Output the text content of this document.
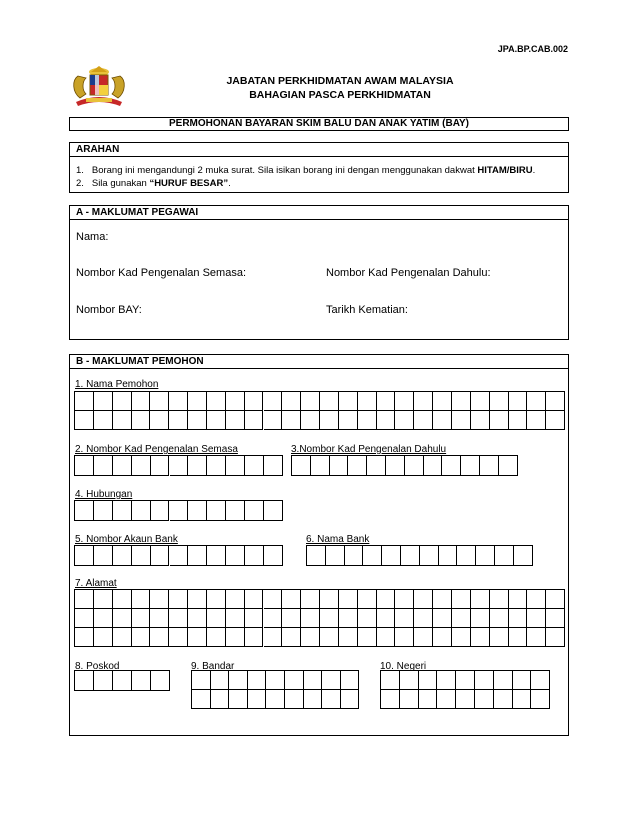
JPA.BP.CAB.002
JABATAN PERKHIDMATAN AWAM MALAYSIA
BAHAGIAN PASCA PERKHIDMATAN
PERMOHONAN BAYARAN SKIM BALU DAN ANAK YATIM (BAY)
ARAHAN
1. Borang ini mengandungi 2 muka surat. Sila isikan borang ini dengan menggunakan dakwat HITAM/BIRU.
2. Sila gunakan “HURUF BESAR”.
A - MAKLUMAT PEGAWAI
Nama:
Nombor Kad Pengenalan Semasa:	Nombor Kad Pengenalan Dahulu:
Nombor BAY:	Tarikh Kematian:
B - MAKLUMAT PEMOHON
1. Nama Pemohon
2. Nombor Kad Pengenalan Semasa	3.Nombor Kad Pengenalan Dahulu
4. Hubungan
5. Nombor Akaun Bank	6. Nama Bank
7. Alamat
8. Poskod	9. Bandar	10. Negeri
